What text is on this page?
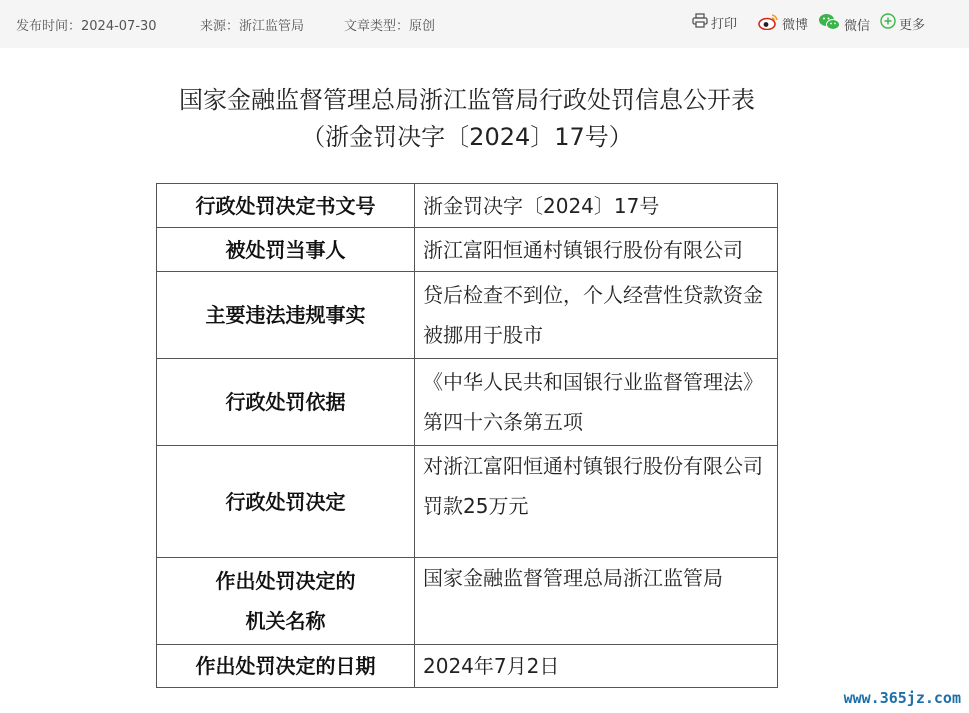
发布时间：2024-07-30	来源：浙江监管局	文章类型：原创	打印	微博	微信 更多
国家金融监督管理总局浙江监管局行政处罚信息公开表
（浙金罚决字〔2024〕17号）
行政处罚决定书文号	浙金罚决字〔2024〕17号
被处罚当事人	浙江富阳恒通村镇银行股份有限公司
主要违法违规事实	贷后检查不到位，个人经营性贷款资金被挪用于股市
行政处罚依据	《中华人民共和国银行业监督管理法》第四十六条第五项
行政处罚决定	对浙江富阳恒通村镇银行股份有限公司罚款25万元

作出处罚决定的
机关名称	国家金融监督管理总局浙江监管局
作出处罚决定的日期	2024年7月2日
www.365jz.com
